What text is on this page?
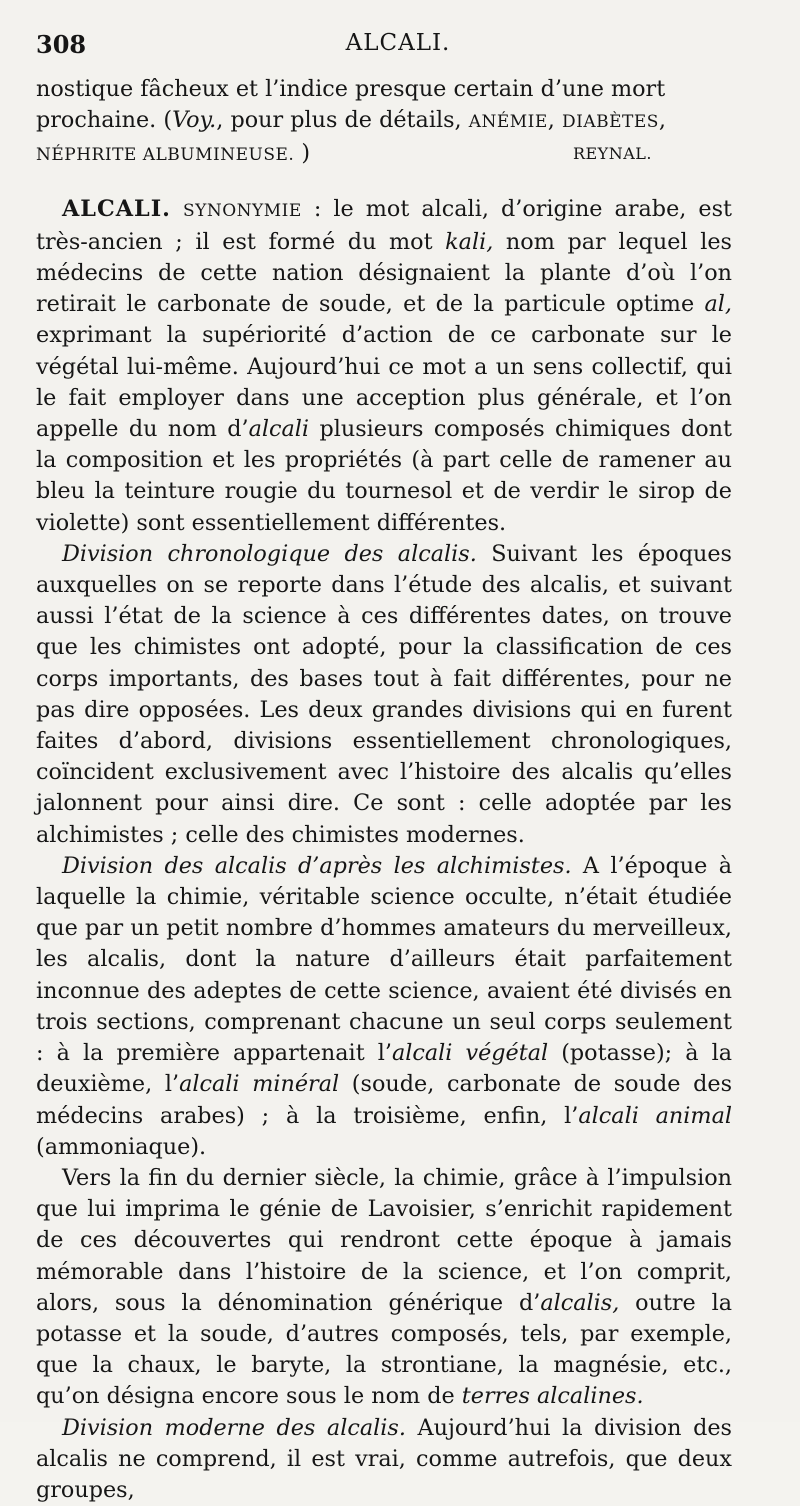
308	ALCALI.

nostique fâcheux et l’indice presque certain d’une mort prochaine. (Voy., pour plus de détails, ANÉMIE, DIABÈTES, NÉPHRITE ALBUMINEUSE. )	REYNAL.

ALCALI. SYNONYMIE : le mot alcali, d’origine arabe, est très-ancien ; il est formé du mot kali, nom par lequel les médecins de cette nation désignaient la plante d’où l’on retirait le carbonate de soude, et de la particule optime al, exprimant la supériorité d’action de ce carbonate sur le végétal lui-même. Aujourd’hui ce mot a un sens collectif, qui le fait employer dans une acception plus générale, et l’on appelle du nom d’alcali plusieurs composés chimiques dont la composition et les propriétés (à part celle de ramener au bleu la teinture rougie du tournesol et de verdir le sirop de violette) sont essentiellement différentes.

Division chronologique des alcalis. Suivant les époques auxquelles on se reporte dans l’étude des alcalis, et suivant aussi l’état de la science à ces différentes dates, on trouve que les chimistes ont adopté, pour la classification de ces corps importants, des bases tout à fait différentes, pour ne pas dire opposées. Les deux grandes divisions qui en furent faites d’abord, divisions essentiellement chronologiques, coïncident exclusivement avec l’histoire des alcalis qu’elles jalonnent pour ainsi dire. Ce sont : celle adoptée par les alchimistes ; celle des chimistes modernes.

Division des alcalis d’après les alchimistes. A l’époque à laquelle la chimie, véritable science occulte, n’était étudiée que par un petit nombre d’hommes amateurs du merveilleux, les alcalis, dont la nature d’ailleurs était parfaitement inconnue des adeptes de cette science, avaient été divisés en trois sections, comprenant chacune un seul corps seulement : à la première appartenait l’alcali végétal (potasse); à la deuxième, l’alcali minéral (soude, carbonate de soude des médecins arabes) ; à la troisième, enfin, l’alcali animal (ammoniaque).

Vers la fin du dernier siècle, la chimie, grâce à l’impulsion que lui imprima le génie de Lavoisier, s’enrichit rapidement de ces découvertes qui rendront cette époque à jamais mémorable dans l’histoire de la science, et l’on comprit, alors, sous la dénomination générique d’alcalis, outre la potasse et la soude, d’autres composés, tels, par exemple, que la chaux, le baryte, la strontiane, la magnésie, etc., qu’on désigna encore sous le nom de terres alcalines.

Division moderne des alcalis. Aujourd’hui la division des alcalis ne comprend, il est vrai, comme autrefois, que deux groupes,
